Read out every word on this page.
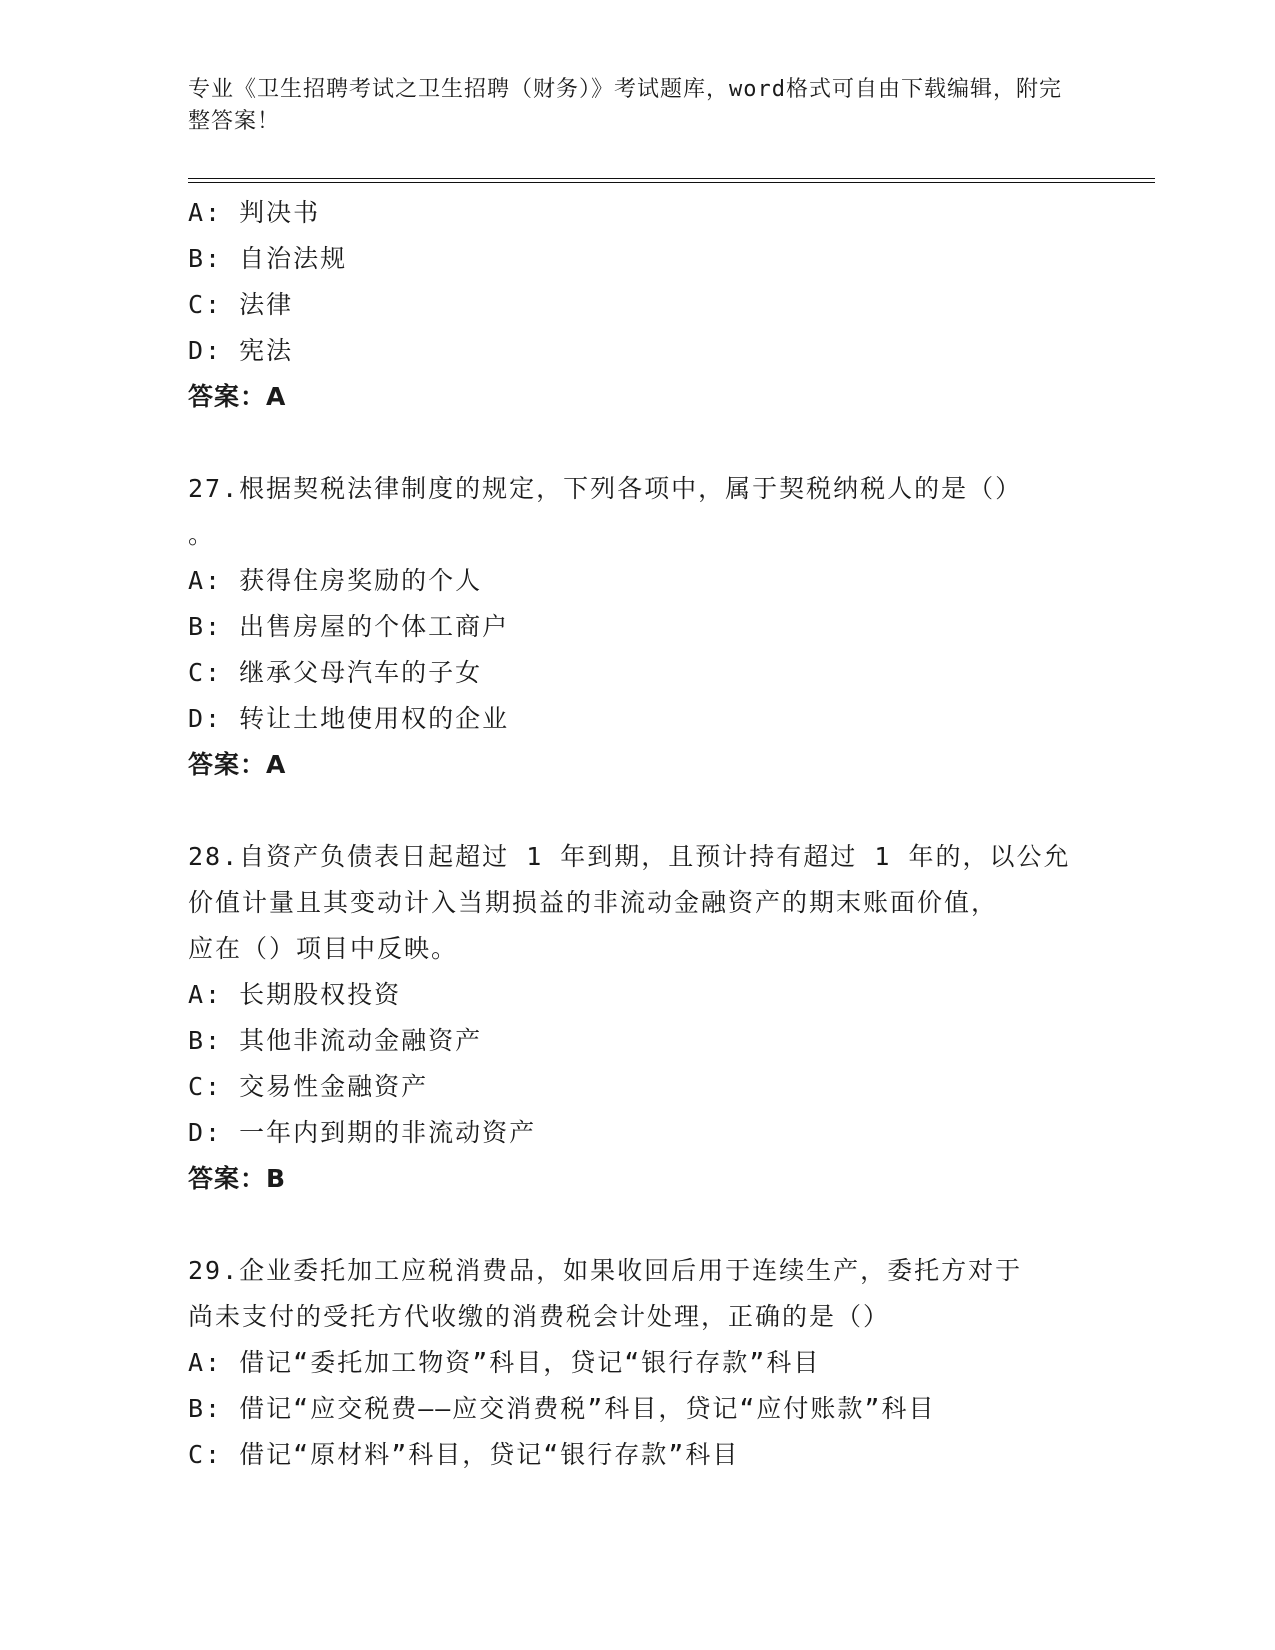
专业《卫生招聘考试之卫生招聘（财务）》考试题库，word格式可自由下载编辑，附完整答案！
A: 判决书
B: 自治法规
C: 法律
D: 宪法
答案：A
27.根据契税法律制度的规定，下列各项中，属于契税纳税人的是（）
。
A: 获得住房奖励的个人
B: 出售房屋的个体工商户
C: 继承父母汽车的子女
D: 转让土地使用权的企业
答案：A
28.自资产负债表日起超过 1 年到期，且预计持有超过 1 年的，以公允
价值计量且其变动计入当期损益的非流动金融资产的期末账面价值，
应在（）项目中反映。
A: 长期股权投资
B: 其他非流动金融资产
C: 交易性金融资产
D: 一年内到期的非流动资产
答案：B
29.企业委托加工应税消费品，如果收回后用于连续生产，委托方对于
尚未支付的受托方代收缴的消费税会计处理，正确的是（）
A: 借记“委托加工物资”科目，贷记“银行存款”科目
B: 借记“应交税费——应交消费税”科目，贷记“应付账款”科目
C: 借记“原材料”科目，贷记“银行存款”科目
